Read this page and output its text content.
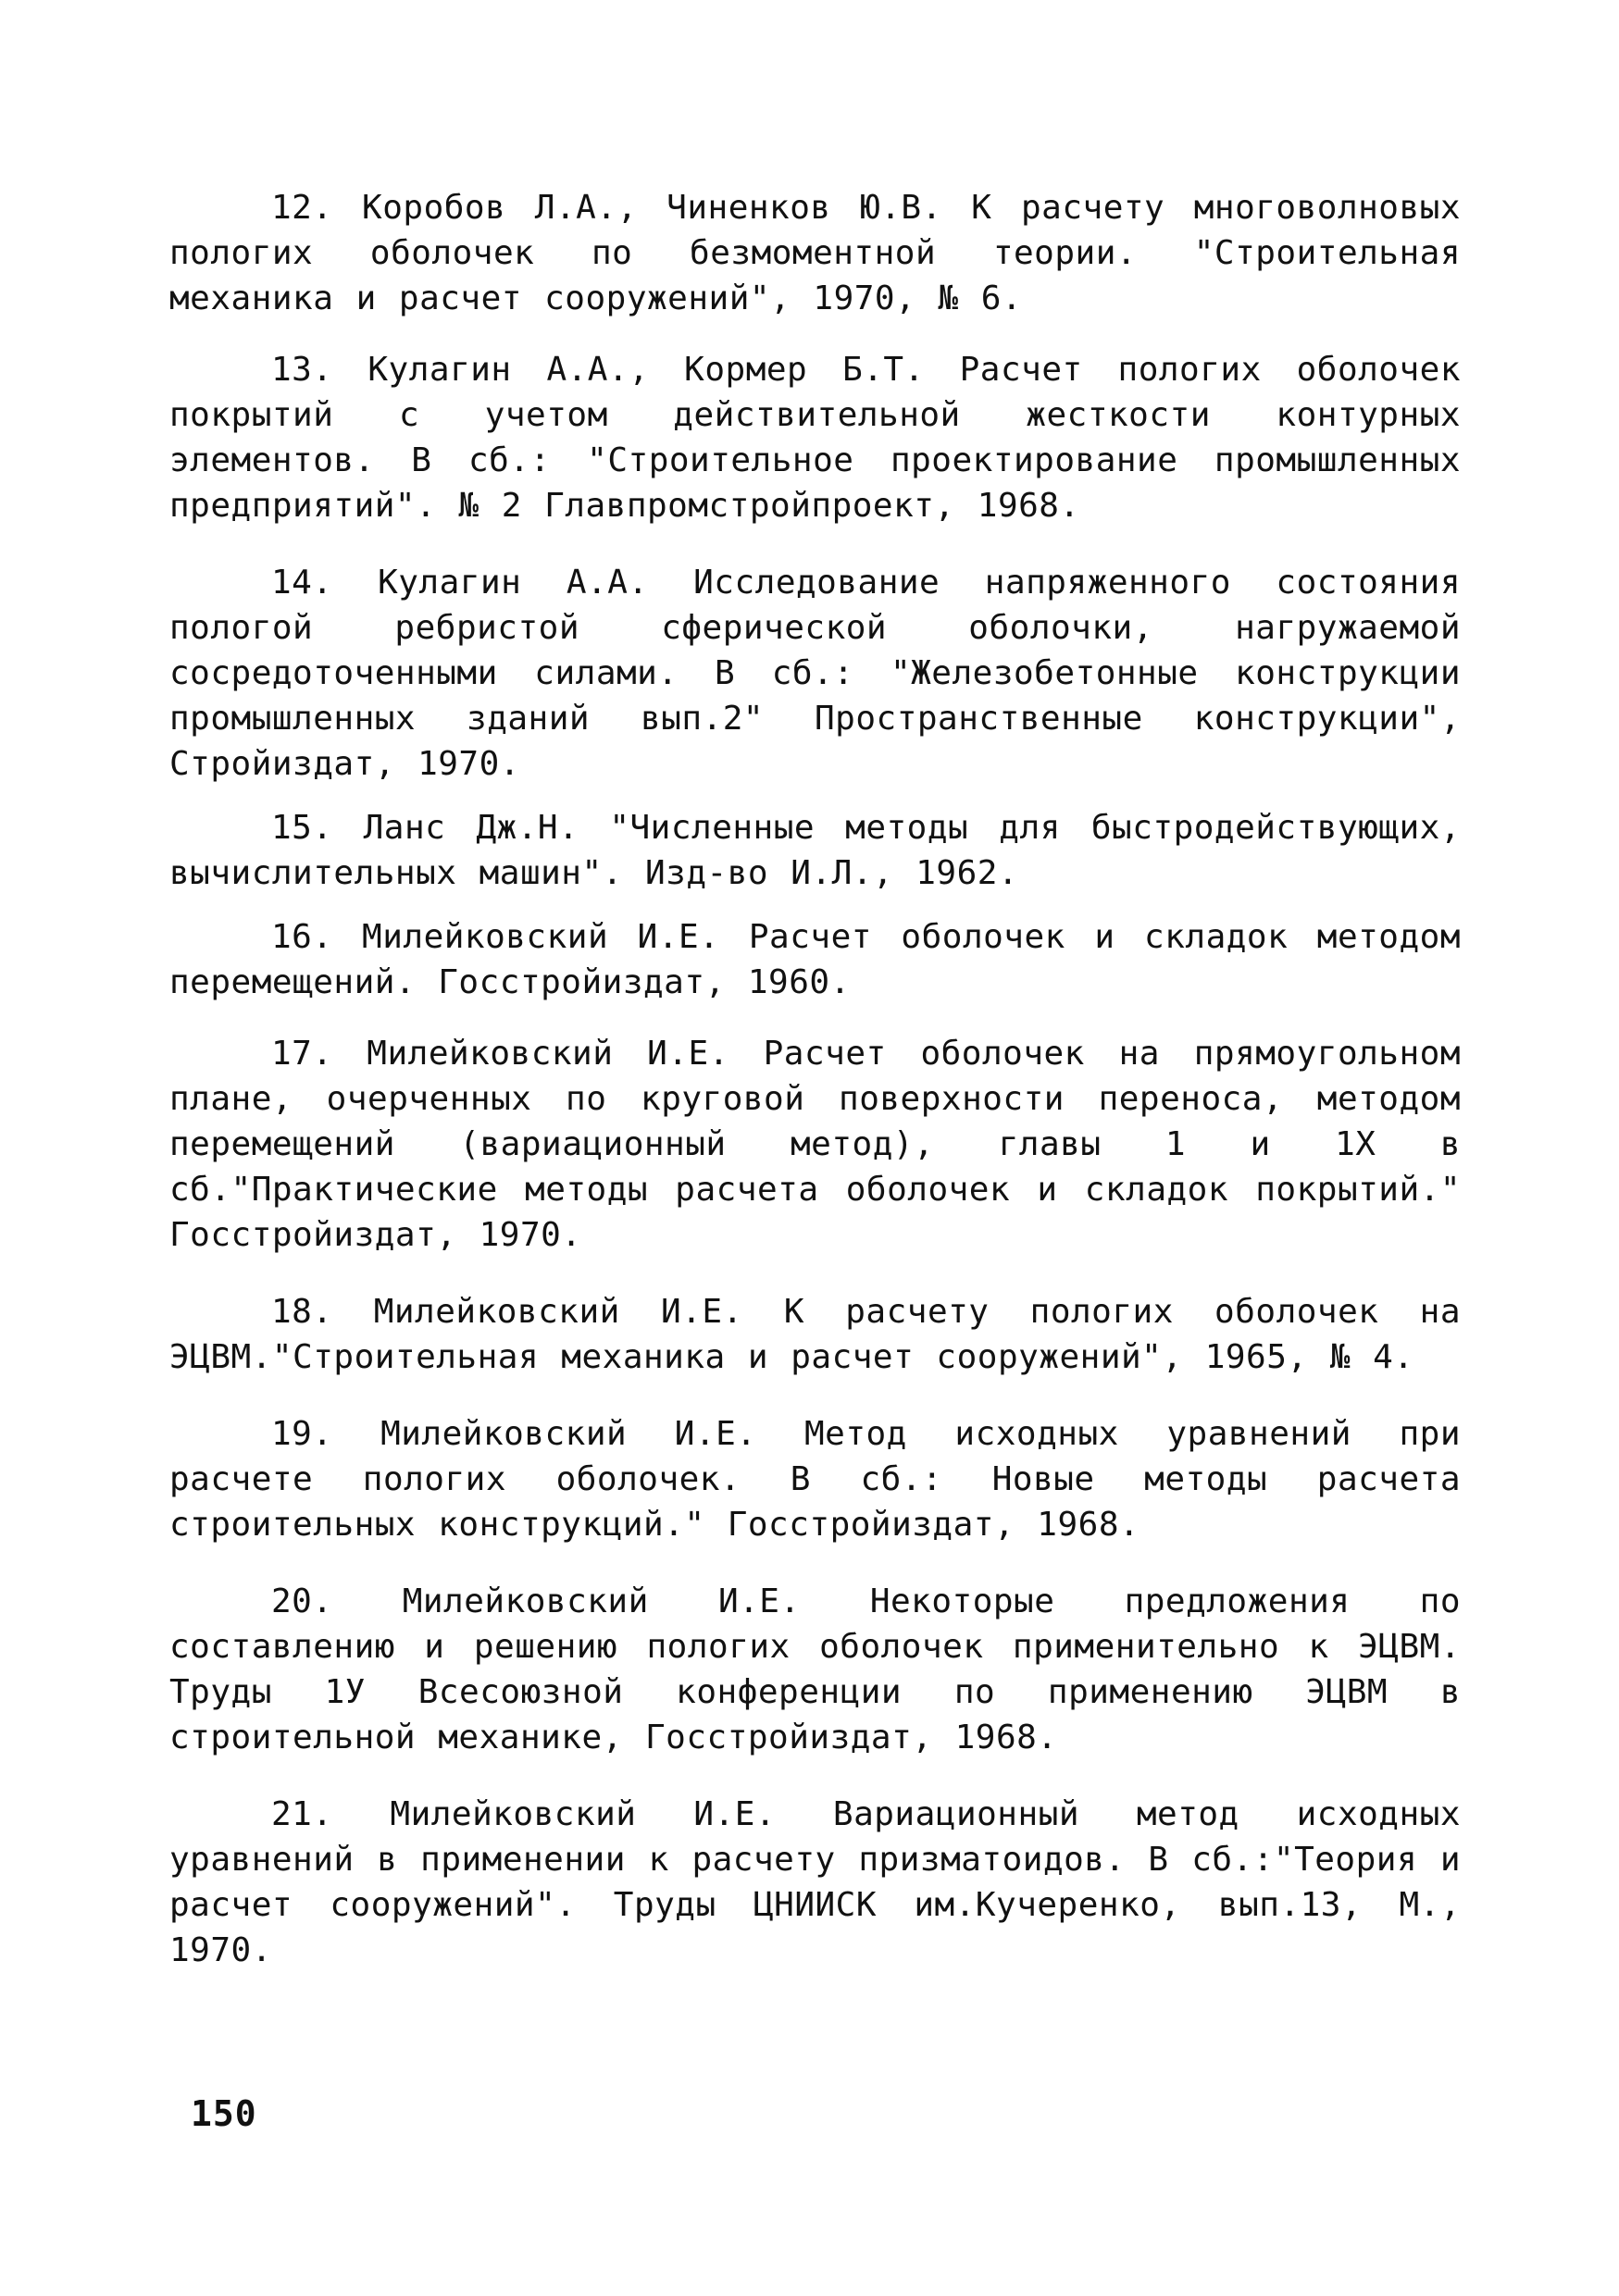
12. Коробов Л.А., Чиненков Ю.В. К расчету многоволновых пологих оболочек по безмоментной теории. "Строительная механика и расчет сооружений", 1970, № 6.

13. Кулагин А.А., Кормер Б.Т. Расчет пологих оболочек покрытий с учетом действительной жесткости контурных элементов. В сб.: "Строительное проектирование промышленных предприятий". № 2 Главпромстройпроект, 1968.

14. Кулагин А.А. Исследование напряженного состояния пологой ребристой сферической оболочки, нагружаемой сосредоточенными силами. В сб.: "Железобетонные конструкции промышленных зданий вып.2" Пространственные конструкции", Стройиздат, 1970.

15. Ланс Дж.Н. "Численные методы для быстродействующих, вычислительных машин". Изд-во И.Л., 1962.

16. Милейковский И.Е. Расчет оболочек и складок методом перемещений. Госстройиздат, 1960.

17. Милейковский И.Е. Расчет оболочек на прямоугольном плане, очерченных по круговой поверхности переноса, методом перемещений (вариационный метод), главы 1 и 1X в сб."Практические методы расчета оболочек и складок покрытий." Госстройиздат, 1970.

18. Милейковский И.Е. К расчету пологих оболочек на ЭЦВМ."Строительная механика и расчет сооружений", 1965, № 4.

19. Милейковский И.Е. Метод исходных уравнений при расчете пологих оболочек. В сб.: Новые методы расчета строительных конструкций." Госстройиздат, 1968.

20. Милейковский И.Е. Некоторые предложения по составлению и решению пологих оболочек применительно к ЭЦВМ. Труды 1У Всесоюзной конференции по применению ЭЦВМ в строительной механике, Госстройиздат, 1968.

21. Милейковский И.Е. Вариационный метод исходных уравнений в применении к расчету призматоидов. В сб.:"Теория и расчет сооружений". Труды ЦНИИСК им.Кучеренко, вып.13, М., 1970.

150
